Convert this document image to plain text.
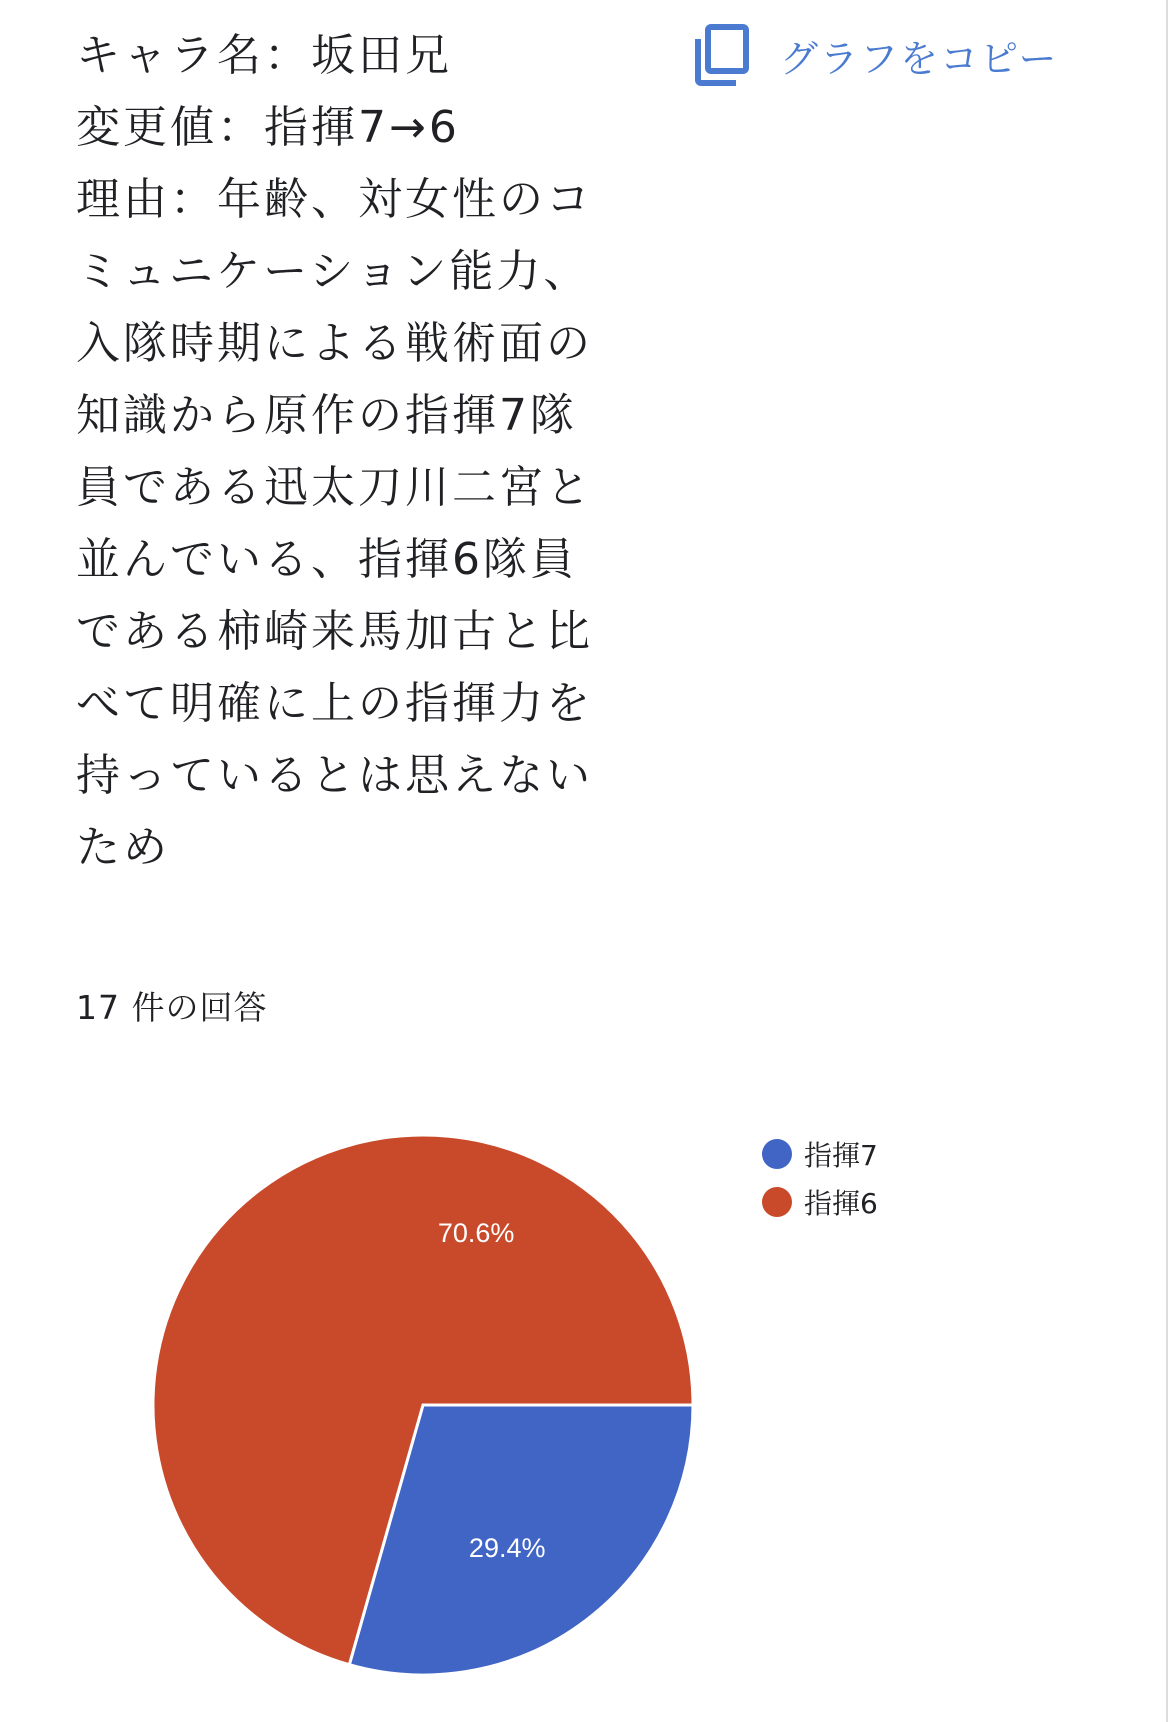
キャラ名：坂田兄
変更値：指揮7→6
理由：年齢、対女性のコ
ミュニケーション能力、
入隊時期による戦術面の
知識から原作の指揮7隊
員である迅太刀川二宮と
並んでいる、指揮6隊員
である柿崎来馬加古と比
べて明確に上の指揮力を
持っているとは思えない
ため
グラフをコピー
17 件の回答
29.4%
70.6%
指揮7
指揮6
